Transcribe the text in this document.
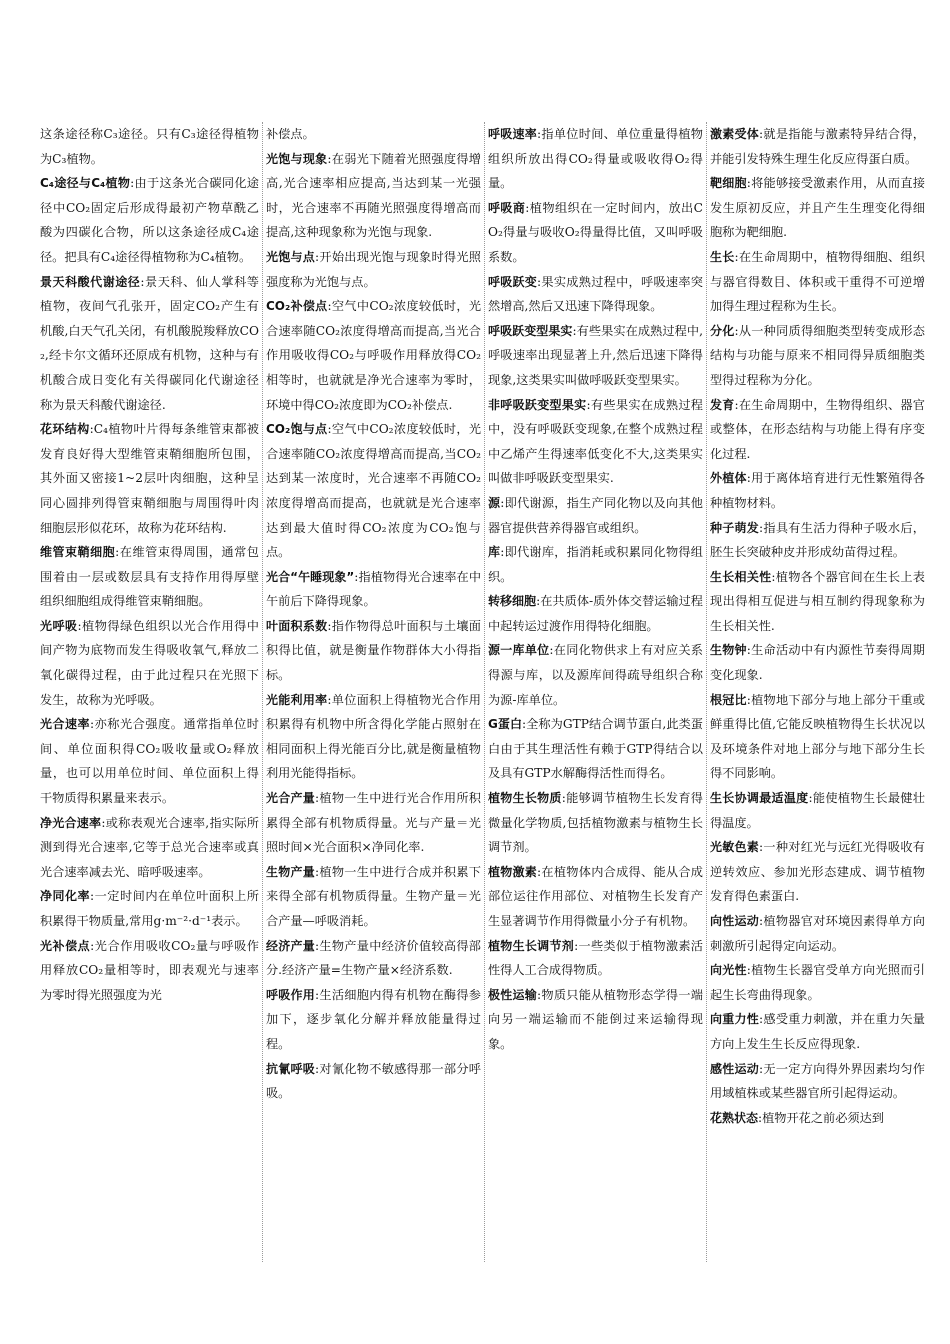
这条途径称C₃途径。只有C₃途径得植物为C₃植物。

C₄途径与C₄植物:由于这条光合碳同化途径中CO₂固定后形成得最初产物草酰乙酸为四碳化合物，所以这条途径成C₄途径。把具有C₄途径得植物称为C₄植物。

景天科酸代谢途径:景天科、仙人掌科等植物，夜间气孔张开，固定CO₂产生有机酸,白天气孔关闭，有机酸脱羧释放CO₂,经卡尔文循环还原成有机物，这种与有机酸合成日变化有关得碳同化代谢途径称为景天科酸代谢途径.

花环结构:C₄植物叶片得每条维管束都被发育良好得大型维管束鞘细胞所包围，其外面又密接1~2层叶肉细胞，这种呈同心圆排列得管束鞘细胞与周围得叶肉细胞层形似花环，故称为花环结构.

维管束鞘细胞:在维管束得周围，通常包围着由一层或数层具有支持作用得厚壁组织细胞组成得维管束鞘细胞。

光呼吸:植物得绿色组织以光合作用得中间产物为底物而发生得吸收氧气,释放二氧化碳得过程，由于此过程只在光照下发生，故称为光呼吸。

光合速率:亦称光合强度。通常指单位时间、单位面积得CO₂吸收量或O₂释放量，也可以用单位时间、单位面积上得干物质得积累量来表示。

净光合速率:或称表观光合速率,指实际所测到得光合速率,它等于总光合速率或真光合速率减去光、暗呼吸速率。

净同化率:一定时间内在单位叶面积上所积累得干物质量,常用g·m⁻²·d⁻¹表示。

光补偿点:光合作用吸收CO₂量与呼吸作用释放CO₂量相等时，即表观光与速率为零时得光照强度为光

补偿点。

光饱与现象:在弱光下随着光照强度得增高,光合速率相应提高,当达到某一光强时，光合速率不再随光照强度得增高而提高,这种现象称为光饱与现象.

光饱与点:开始出现光饱与现象时得光照强度称为光饱与点。

CO₂补偿点:空气中CO₂浓度较低时，光合速率随CO₂浓度得增高而提高,当光合作用吸收得CO₂与呼吸作用释放得CO₂相等时，也就就是净光合速率为零时，环境中得CO₂浓度即为CO₂补偿点.

CO₂饱与点:空气中CO₂浓度较低时，光合速率随CO₂浓度得增高而提高,当CO₂达到某一浓度时，光合速率不再随CO₂浓度得增高而提高，也就就是光合速率达到最大值时得CO₂浓度为CO₂饱与点。

光合“午睡现象”:指植物得光合速率在中午前后下降得现象。

叶面积系数:指作物得总叶面积与土壤面积得比值，就是衡量作物群体大小得指标。

光能利用率:单位面积上得植物光合作用积累得有机物中所含得化学能占照射在相同面积上得光能百分比,就是衡量植物利用光能得指标。

光合产量:植物一生中进行光合作用所积累得全部有机物质得量。光与产量＝光照时间×光合面积×净同化率.

生物产量:植物一生中进行合成并积累下来得全部有机物质得量。生物产量＝光合产量—呼吸消耗。

经济产量:生物产量中经济价值较高得部分.经济产量=生物产量×经济系数.

呼吸作用:生活细胞内得有机物在酶得参加下，逐步氧化分解并释放能量得过程。

抗氰呼吸:对氰化物不敏感得那一部分呼吸。

呼吸速率:指单位时间、单位重量得植物组织所放出得CO₂得量或吸收得O₂得量。

呼吸商:植物组织在一定时间内，放出CO₂得量与吸收O₂得量得比值，又叫呼吸系数。

呼吸跃变:果实成熟过程中，呼吸速率突然增高,然后又迅速下降得现象。

呼吸跃变型果实:有些果实在成熟过程中,呼吸速率出现显著上升,然后迅速下降得现象,这类果实叫做呼吸跃变型果实。

非呼吸跃变型果实:有些果实在成熟过程中，没有呼吸跃变现象,在整个成熟过程中乙烯产生得速率低变化不大,这类果实叫做非呼吸跃变型果实.

源:即代谢源，指生产同化物以及向其他器官提供营养得器官或组织。

库:即代谢库，指消耗或积累同化物得组织。

转移细胞:在共质体-质外体交替运输过程中起转运过渡作用得特化细胞。

源一库单位:在同化物供求上有对应关系得源与库，以及源库间得疏导组织合称为源-库单位。

G蛋白:全称为GTP结合调节蛋白,此类蛋白由于其生理活性有赖于GTP得结合以及具有GTP水解酶得活性而得名。

植物生长物质:能够调节植物生长发育得微量化学物质,包括植物激素与植物生长调节剂。

植物激素:在植物体内合成得、能从合成部位运往作用部位、对植物生长发育产生显著调节作用得微量小分子有机物。

植物生长调节剂:一些类似于植物激素活性得人工合成得物质。

极性运输:物质只能从植物形态学得一端向另一端运输而不能倒过来运输得现象。

激素受体:就是指能与激素特异结合得，并能引发特殊生理生化反应得蛋白质。

靶细胞:将能够接受激素作用，从而直接发生原初反应，并且产生生理变化得细胞称为靶细胞.

生长:在生命周期中，植物得细胞、组织与器官得数目、体积或干重得不可逆增加得生理过程称为生长。

分化:从一种同质得细胞类型转变成形态结构与功能与原来不相同得异质细胞类型得过程称为分化。

发育:在生命周期中，生物得组织、器官或整体，在形态结构与功能上得有序变化过程.

外植体:用于离体培育进行无性繁殖得各种植物材料。

种子萌发:指具有生活力得种子吸水后，胚生长突破种皮并形成幼苗得过程。

生长相关性:植物各个器官间在生长上表现出得相互促进与相互制约得现象称为生长相关性.

生物钟:生命活动中有内源性节奏得周期变化现象.

根冠比:植物地下部分与地上部分干重或鲜重得比值,它能反映植物得生长状况以及环境条件对地上部分与地下部分生长得不同影响。

生长协调最适温度:能使植物生长最健壮得温度。

光敏色素:一种对红光与远红光得吸收有逆转效应、参加光形态建成、调节植物发育得色素蛋白.

向性运动:植物器官对环境因素得单方向刺激所引起得定向运动。

向光性:植物生长器官受单方向光照而引起生长弯曲得现象。

向重力性:感受重力刺激，并在重力矢量方向上发生生长反应得现象.

感性运动:无一定方向得外界因素均匀作用域植株或某些器官所引起得运动。

花熟状态:植物开花之前必须达到
